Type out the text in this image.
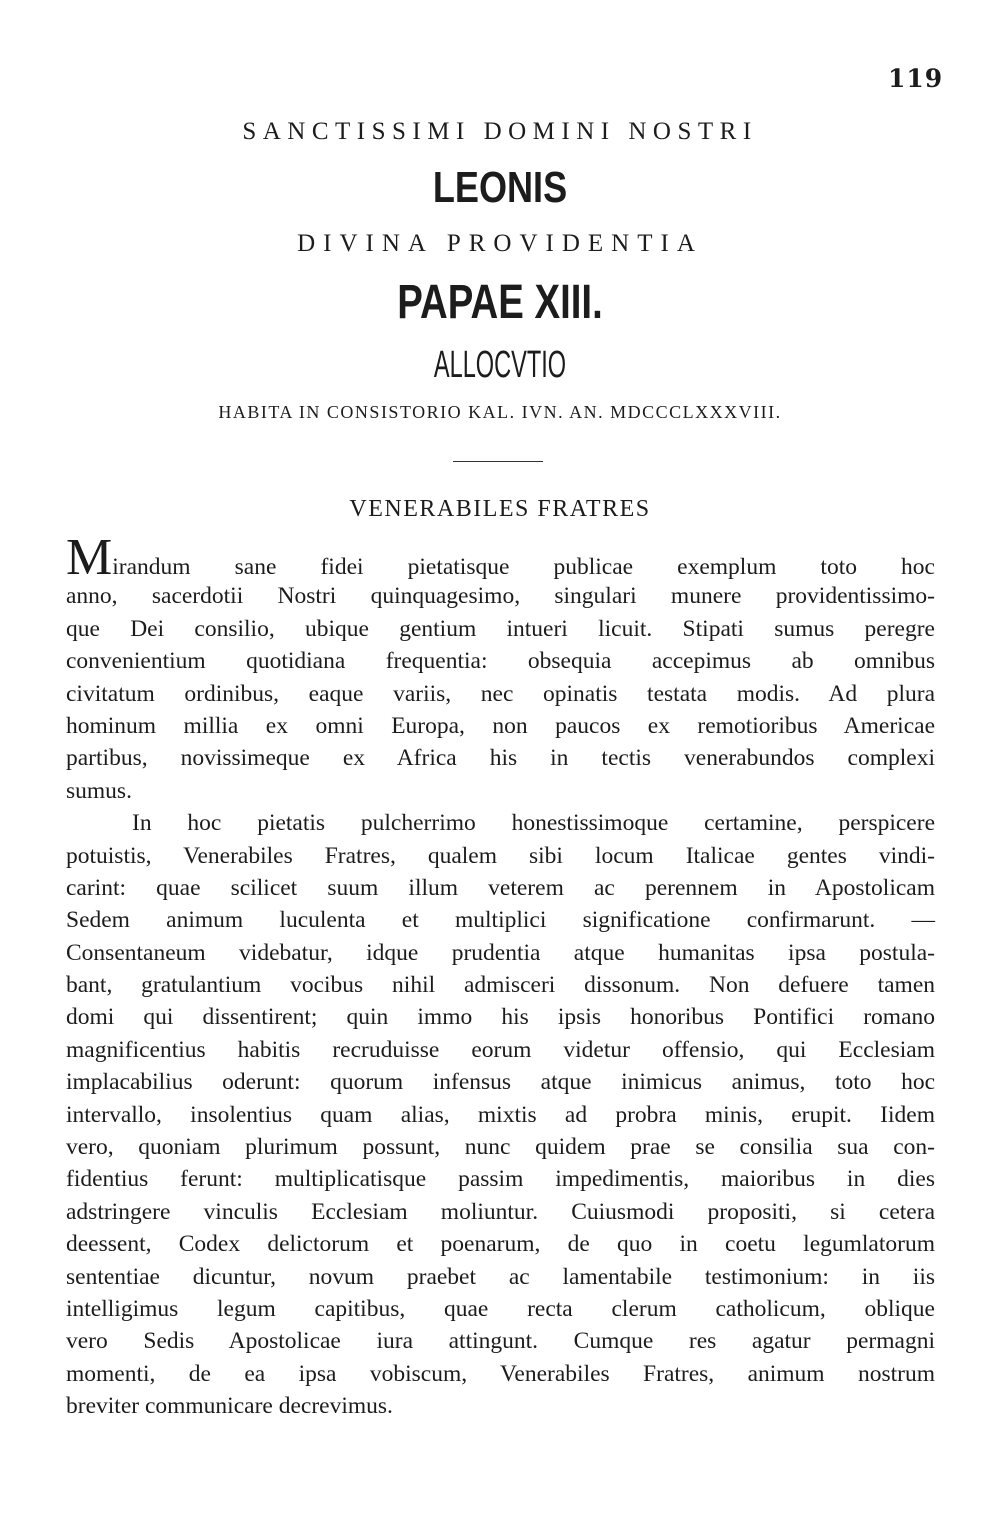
119
SANCTISSIMI DOMINI NOSTRI
LEONIS
DIVINA PROVIDENTIA
PAPAE XIII.
ALLOCVTIO
HABITA IN CONSISTORIO KAL. IVN. AN. MDCCCLXXXVIII.
VENERABILES FRATRES
Mirandum sane fidei pietatisque publicae exemplum toto hoc
anno, sacerdotii Nostri quinquagesimo, singulari munere providentissimo-
que Dei consilio, ubique gentium intueri licuit. Stipati sumus peregre
convenientium quotidiana frequentia: obsequia accepimus ab omnibus
civitatum ordinibus, eaque variis, nec opinatis testata modis. Ad plura
hominum millia ex omni Europa, non paucos ex remotioribus Americae
partibus, novissimeque ex Africa his in tectis venerabundos complexi
sumus.
In hoc pietatis pulcherrimo honestissimoque certamine, perspicere
potuistis, Venerabiles Fratres, qualem sibi locum Italicae gentes vindi-
carint: quae scilicet suum illum veterem ac perennem in Apostolicam
Sedem animum luculenta et multiplici significatione confirmarunt. —
Consentaneum videbatur, idque prudentia atque humanitas ipsa postula-
bant, gratulantium vocibus nihil admisceri dissonum. Non defuere tamen
domi qui dissentirent; quin immo his ipsis honoribus Pontifici romano
magnificentius habitis recruduisse eorum videtur offensio, qui Ecclesiam
implacabilius oderunt: quorum infensus atque inimicus animus, toto hoc
intervallo, insolentius quam alias, mixtis ad probra minis, erupit. Iidem
vero, quoniam plurimum possunt, nunc quidem prae se consilia sua con-
fidentius ferunt: multiplicatisque passim impedimentis, maioribus in dies
adstringere vinculis Ecclesiam moliuntur. Cuiusmodi propositi, si cetera
deessent, Codex delictorum et poenarum, de quo in coetu legumlatorum
sententiae dicuntur, novum praebet ac lamentabile testimonium: in iis
intelligimus legum capitibus, quae recta clerum catholicum, oblique
vero Sedis Apostolicae iura attingunt. Cumque res agatur permagni
momenti, de ea ipsa vobiscum, Venerabiles Fratres, animum nostrum
breviter communicare decrevimus.
